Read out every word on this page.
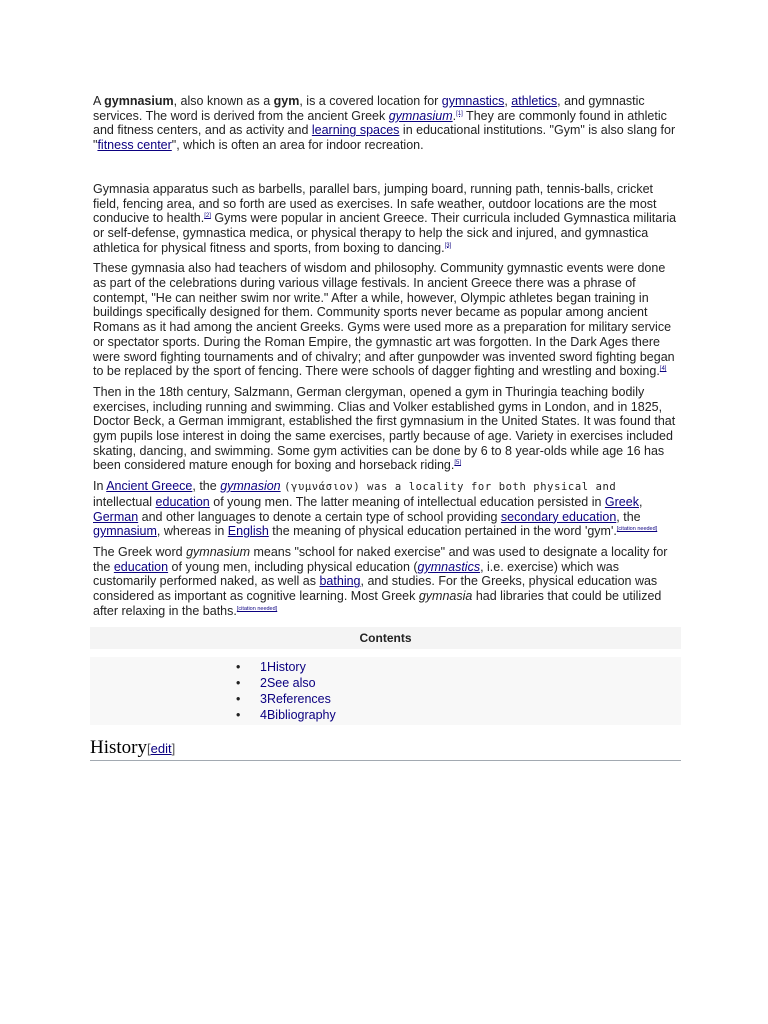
A gymnasium, also known as a gym, is a covered location for gymnastics, athletics, and gymnastic services. The word is derived from the ancient Greek gymnasium.[1] They are commonly found in athletic and fitness centers, and as activity and learning spaces in educational institutions. "Gym" is also slang for "fitness center", which is often an area for indoor recreation.

Gymnasia apparatus such as barbells, parallel bars, jumping board, running path, tennis-balls, cricket field, fencing area, and so forth are used as exercises. In safe weather, outdoor locations are the most conducive to health.[2] Gyms were popular in ancient Greece. Their curricula included Gymnastica militaria or self-defense, gymnastica medica, or physical therapy to help the sick and injured, and gymnastica athletica for physical fitness and sports, from boxing to dancing.[3]

These gymnasia also had teachers of wisdom and philosophy. Community gymnastic events were done as part of the celebrations during various village festivals. In ancient Greece there was a phrase of contempt, "He can neither swim nor write." After a while, however, Olympic athletes began training in buildings specifically designed for them. Community sports never became as popular among ancient Romans as it had among the ancient Greeks. Gyms were used more as a preparation for military service or spectator sports. During the Roman Empire, the gymnastic art was forgotten. In the Dark Ages there were sword fighting tournaments and of chivalry; and after gunpowder was invented sword fighting began to be replaced by the sport of fencing. There were schools of dagger fighting and wrestling and boxing.[4]

Then in the 18th century, Salzmann, German clergyman, opened a gym in Thuringia teaching bodily exercises, including running and swimming. Clias and Volker established gyms in London, and in 1825, Doctor Beck, a German immigrant, established the first gymnasium in the United States. It was found that gym pupils lose interest in doing the same exercises, partly because of age. Variety in exercises included skating, dancing, and swimming. Some gym activities can be done by 6 to 8 year-olds while age 16 has been considered mature enough for boxing and horseback riding.[5]

In Ancient Greece, the gymnasion (γυμνάσιον) was a locality for both physical and intellectual education of young men. The latter meaning of intellectual education persisted in Greek, German and other languages to denote a certain type of school providing secondary education, the gymnasium, whereas in English the meaning of physical education pertained in the word 'gym'.[citation needed]

The Greek word gymnasium means "school for naked exercise" and was used to designate a locality for the education of young men, including physical education (gymnastics, i.e. exercise) which was customarily performed naked, as well as bathing, and studies. For the Greeks, physical education was considered as important as cognitive learning. Most Greek gymnasia had libraries that could be utilized after relaxing in the baths.[citation needed]

Contents
• 1History
• 2See also
• 3References
• 4Bibliography
History[edit]
